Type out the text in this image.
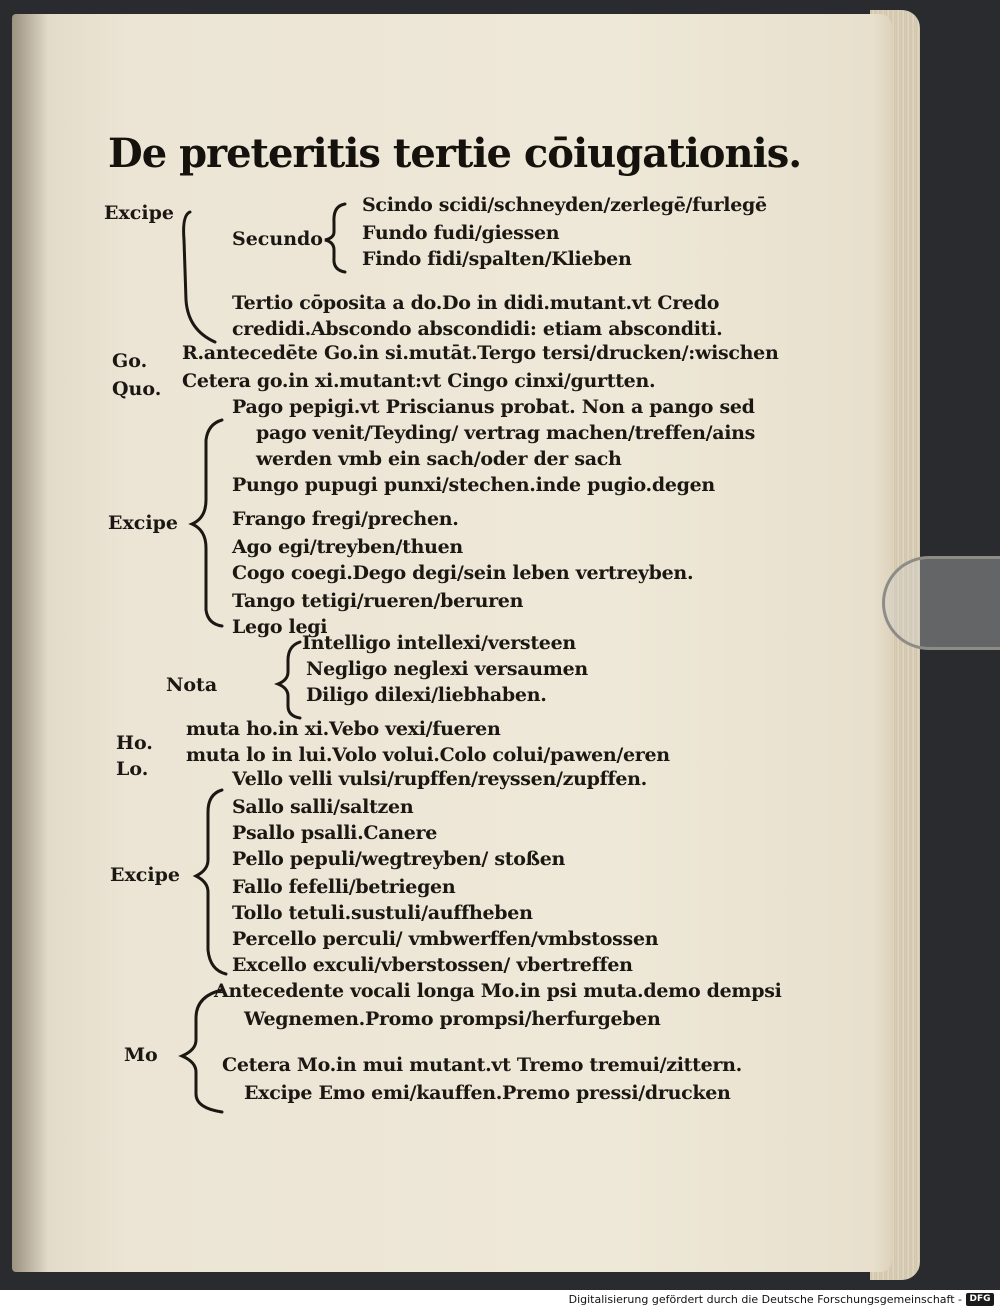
De preteritis tertie cōiugationis.
Excipe
Secundo
Scindo scidi/schneyden/zerlegē/furlegē
Fundo fudi/giessen
Findo fidi/spalten/Klieben
Tertio cōposita a do.Do in didi.mutant.vt Credo
credidi.Abscondo abscondidi: etiam absconditi.
Go. R.antecedēte Go.in si.mutāt.Tergo tersi/drucken/:wischen
Quo. Cetera go.in xi.mutant:vt Cingo cinxi/gurtten.
Excipe
Pago pepigi.vt Priscianus probat. Non a pango sed
pago venit/Teyding/ vertrag machen/treffen/ains
werden vmb ein sach/oder der sach
Pungo pupugi punxi/stechen.inde pugio.degen
Frango fregi/prechen.
Ago egi/treyben/thuen
Cogo coegi.Dego degi/sein leben vertreyben.
Tango tetigi/rueren/beruren
Lego legi
Nota
Intelligo intellexi/versteen
Negligo neglexi versaumen
Diligo dilexi/liebhaben.
Ho.
muta ho.in xi.Vebo vexi/fueren
Lo.
muta lo in lui.Volo volui.Colo colui/pawen/eren
Excipe
Vello velli vulsi/rupffen/reyssen/zupffen.
Sallo salli/saltzen
Psallo psalli.Canere
Pello pepuli/wegtreyben/ stoßen
Fallo fefelli/betriegen
Tollo tetuli.sustuli/auffheben
Percello perculi/ vmbwerffen/vmbstossen
Excello exculi/vberstossen/ vbertreffen
Mo
Antecedente vocali longa Mo.in psi muta.demo dempsi
Wegnemen.Promo prompsi/herfurgeben
Cetera Mo.in mui mutant.vt Tremo tremui/zittern.
Excipe Emo emi/kauffen.Premo pressi/drucken
Digitalisierung gefördert durch die Deutsche Forschungsgemeinschaft - DFG
